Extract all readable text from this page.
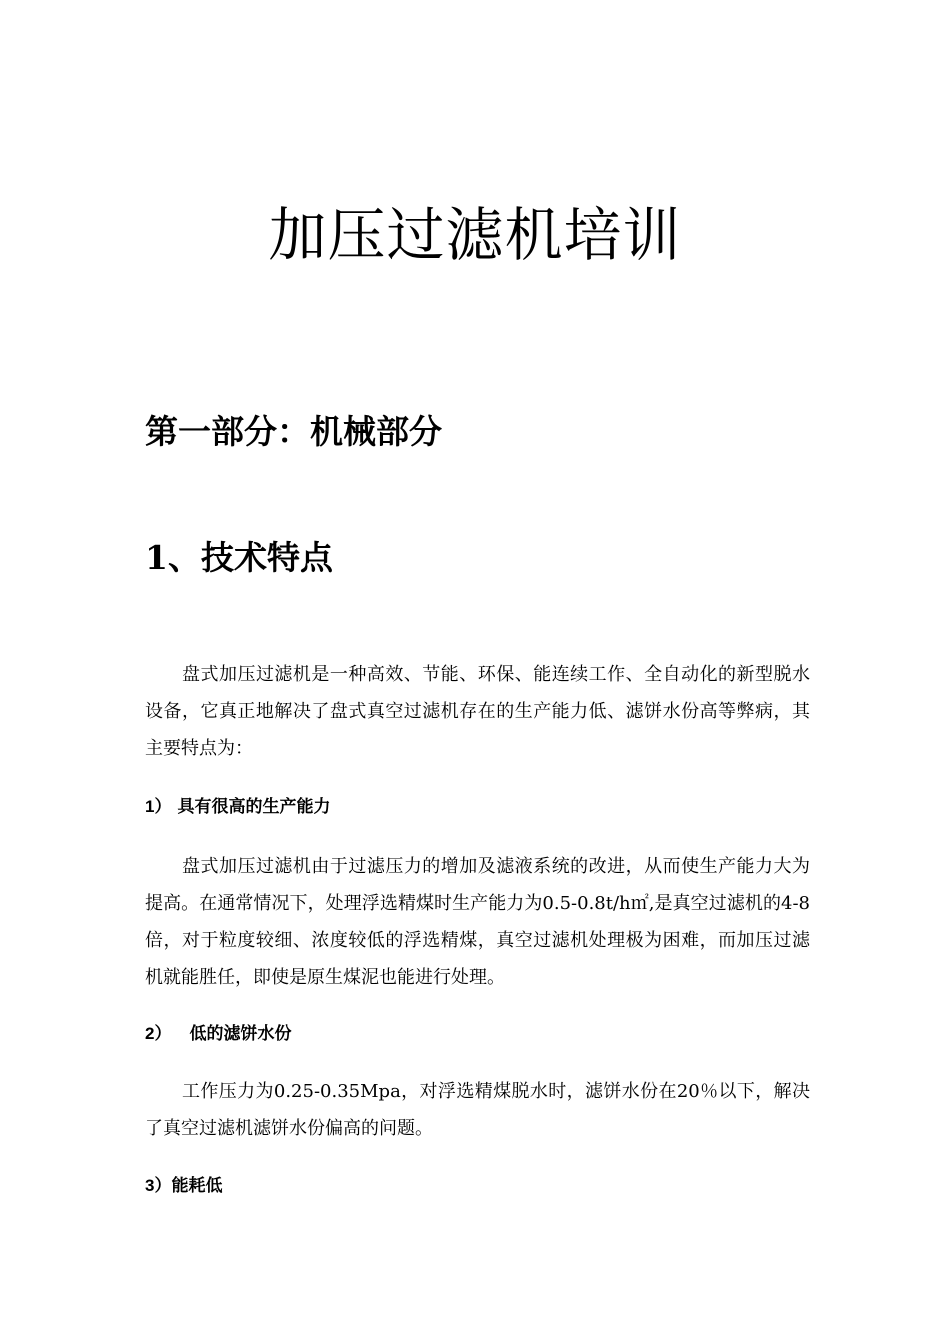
加压过滤机培训
第一部分：机械部分
1、技术特点

盘式加压过滤机是一种高效、节能、环保、能连续工作、全自动化的新型脱水设备，它真正地解决了盘式真空过滤机存在的生产能力低、滤饼水份高等弊病，其主要特点为：

1） 具有很高的生产能力

盘式加压过滤机由于过滤压力的增加及滤液系统的改进，从而使生产能力大为提高。在通常情况下，处理浮选精煤时生产能力为0.5-0.8t/h㎡,是真空过滤机的4-8倍，对于粒度较细、浓度较低的浮选精煤，真空过滤机处理极为困难，而加压过滤机就能胜任，即使是原生煤泥也能进行处理。

2） 低的滤饼水份

工作压力为0.25-0.35Mpa，对浮选精煤脱水时，滤饼水份在20％以下，解决了真空过滤机滤饼水份偏高的问题。

3）能耗低
